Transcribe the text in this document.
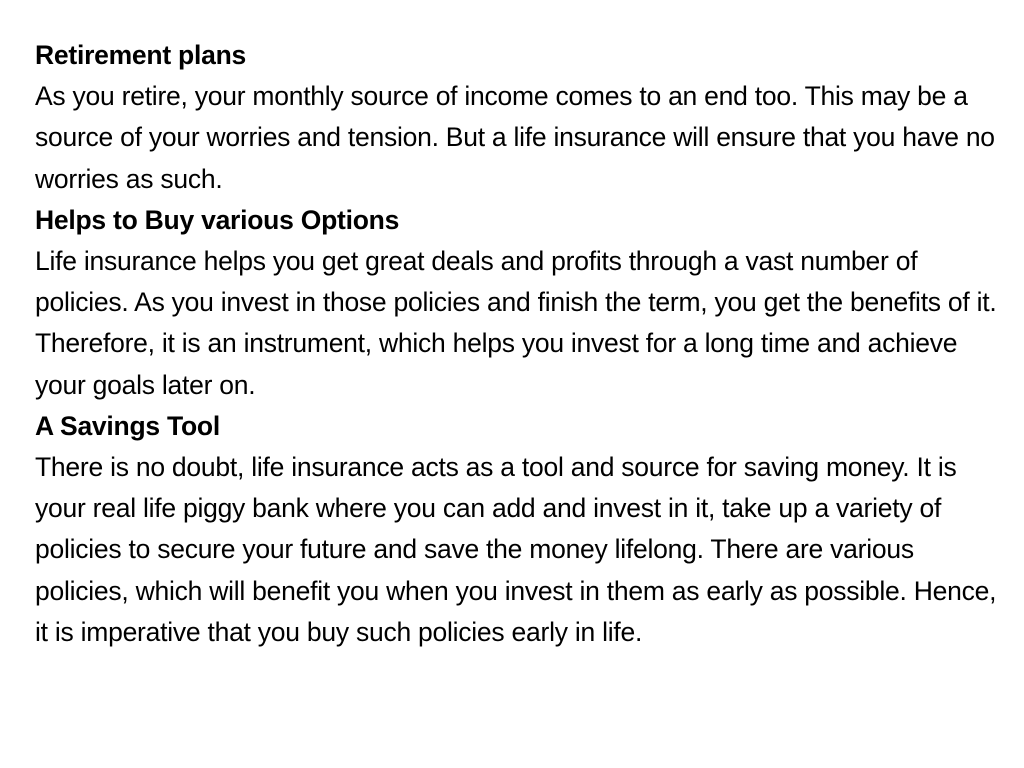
Retirement plans

As you retire, your monthly source of income comes to an end too. This may be a source of your worries and tension. But a life insurance will ensure that you have no worries as such.

Helps to Buy various Options

Life insurance helps you get great deals and profits through a vast number of policies. As you invest in those policies and finish the term, you get the benefits of it. Therefore, it is an instrument, which helps you invest for a long time and achieve your goals later on.

A Savings Tool

There is no doubt, life insurance acts as a tool and source for saving money. It is your real life piggy bank where you can add and invest in it, take up a variety of policies to secure your future and save the money lifelong. There are various policies, which will benefit you when you invest in them as early as possible. Hence, it is imperative that you buy such policies early in life.
